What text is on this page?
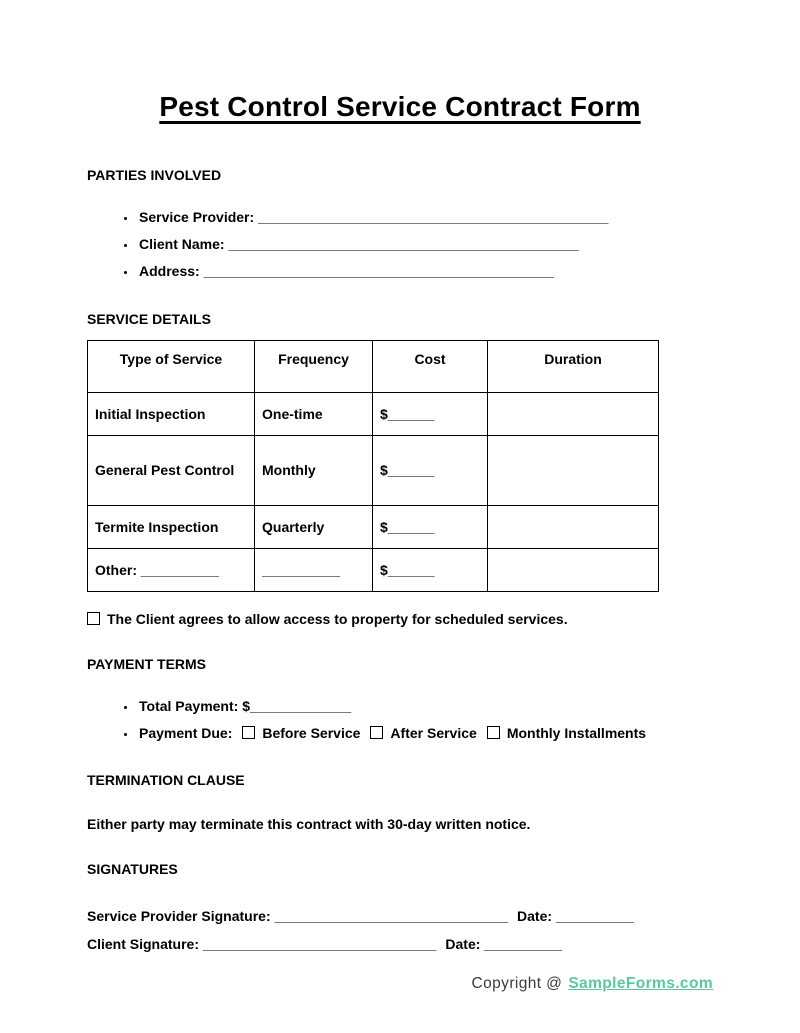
Pest Control Service Contract Form
PARTIES INVOLVED
• Service Provider: _____________________________________________
• Client Name: _____________________________________________
• Address: _____________________________________________
SERVICE DETAILS
Type of Service	Frequency	Cost	Duration
Initial Inspection	One-time	$______	
General Pest Control	Monthly	$______	
Termite Inspection	Quarterly	$______	
Other: __________	__________	$______	
The Client agrees to allow access to property for scheduled services.
PAYMENT TERMS
• Total Payment: $_____________
• Payment Due: Before Service After Service Monthly Installments
TERMINATION CLAUSE

Either party may terminate this contract with 30-day written notice.

SIGNATURES
Service Provider Signature: ______________________________ Date: __________
Client Signature: ______________________________ Date: __________
Copyright @ SampleForms.com
